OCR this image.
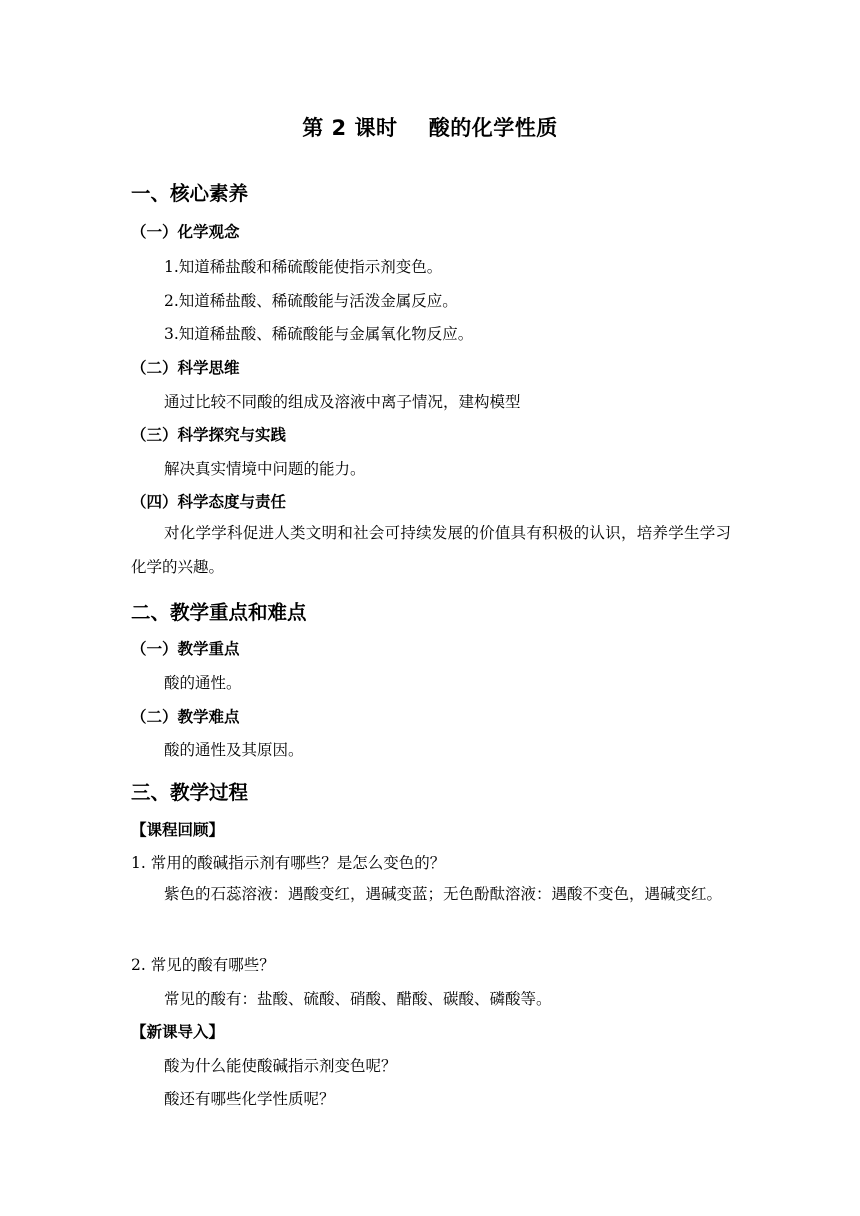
第 2 课时    酸的化学性质
一、核心素养
（一）化学观念
1.知道稀盐酸和稀硫酸能使指示剂变色。
2.知道稀盐酸、稀硫酸能与活泼金属反应。
3.知道稀盐酸、稀硫酸能与金属氧化物反应。
（二）科学思维
通过比较不同酸的组成及溶液中离子情况，建构模型
（三）科学探究与实践
解决真实情境中问题的能力。
（四）科学态度与责任
对化学学科促进人类文明和社会可持续发展的价值具有积极的认识，培养学生学习化学的兴趣。
二、教学重点和难点
（一）教学重点
酸的通性。
（二）教学难点
酸的通性及其原因。
三、教学过程
【课程回顾】
1. 常用的酸碱指示剂有哪些？是怎么变色的？
紫色的石蕊溶液：遇酸变红，遇碱变蓝；无色酚酞溶液：遇酸不变色，遇碱变红。
2. 常见的酸有哪些？
常见的酸有：盐酸、硫酸、硝酸、醋酸、碳酸、磷酸等。
【新课导入】
酸为什么能使酸碱指示剂变色呢？
酸还有哪些化学性质呢？
